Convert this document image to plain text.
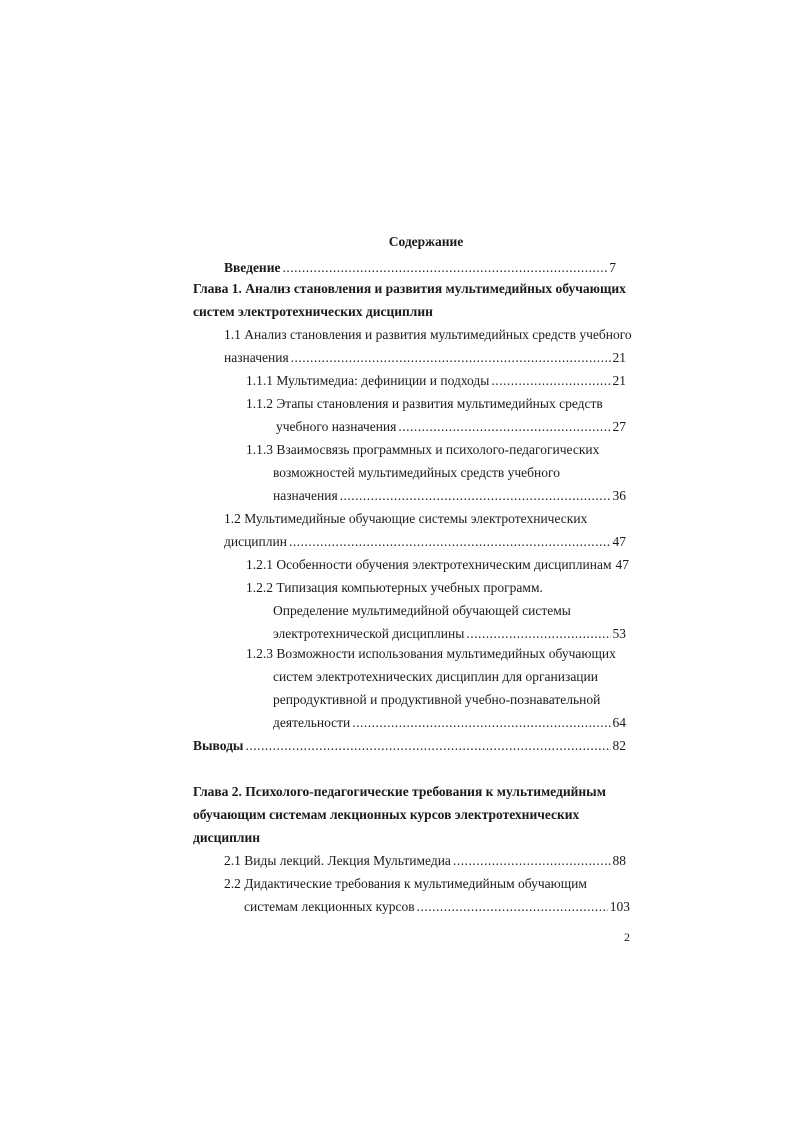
Содержание
Введение .....	7
Глава 1. Анализ становления и развития мультимедийных обучающих
систем электротехнических дисциплин
1.1 Анализ становления и развития мультимедийных средств учебного
назначения .....	21
1.1.1 Мультимедиа: дефиниции и подходы .....	21
1.1.2 Этапы становления и развития мультимедийных средств
учебного назначения .....	27
1.1.3 Взаимосвязь программных и психолого-педагогических
возможностей мультимедийных средств учебного
назначения .....	36
1.2 Мультимедийные обучающие системы электротехнических
дисциплин .....	47
1.2.1 Особенности обучения электротехническим дисциплинам 47
1.2.2 Типизация компьютерных учебных программ.
Определение мультимедийной обучающей системы
электротехнической дисциплины .....	53
1.2.3 Возможности использования мультимедийных обучающих
систем электротехнических дисциплин для организации
репродуктивной и продуктивной учебно-познавательной
деятельности .....	64
Выводы .....	82
Глава 2. Психолого-педагогические требования к мультимедийным
обучающим системам лекционных курсов электротехнических
дисциплин
2.1 Виды лекций. Лекция Мультимедиа .....	88
2.2 Дидактические требования к мультимедийным обучающим
системам лекционных курсов .....	103
2
